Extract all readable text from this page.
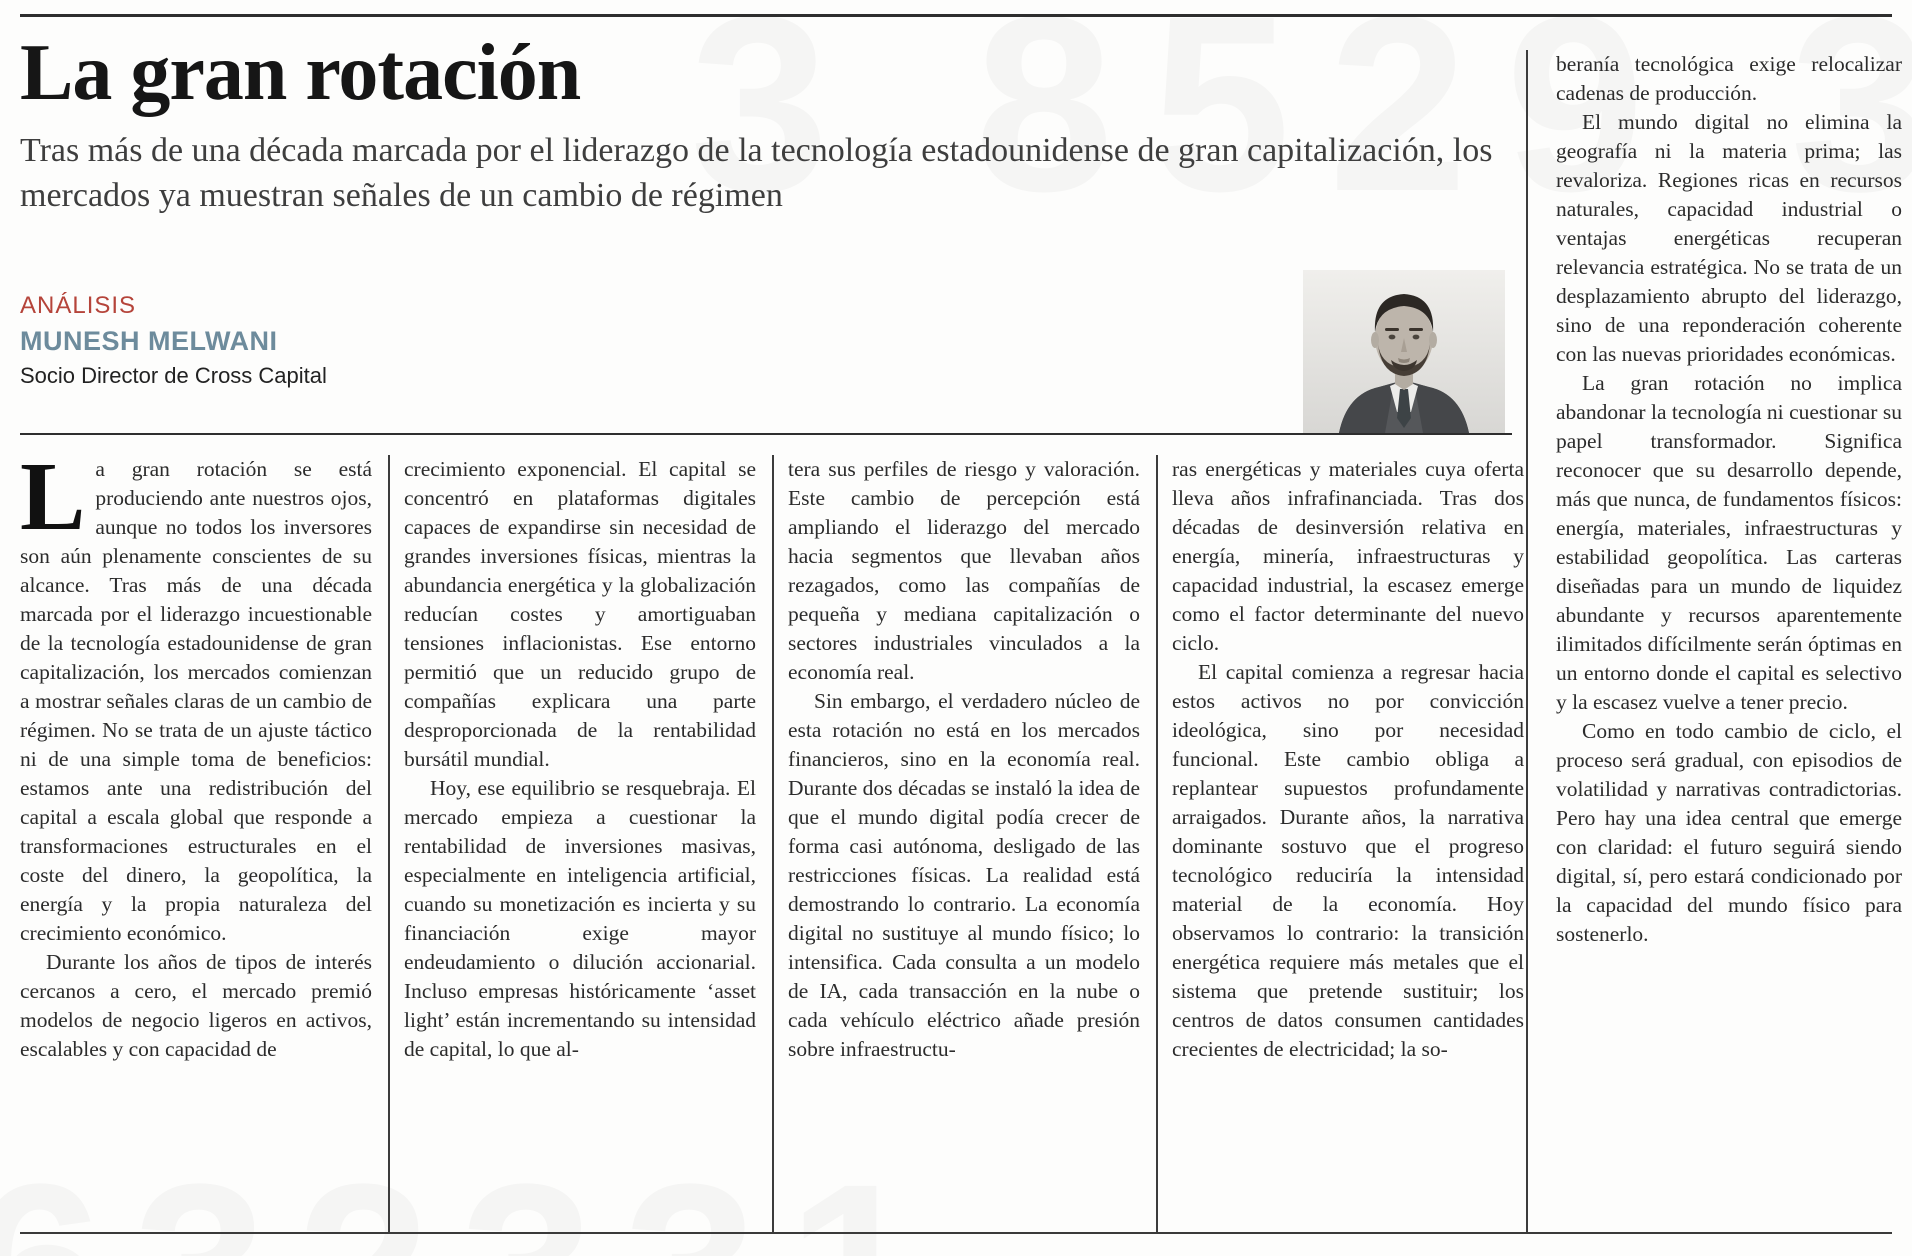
La gran rotación
Tras más de una década marcada por el liderazgo de la tecnología estadounidense de gran capitalización, los mercados ya muestran señales de un cambio de régimen
ANÁLISIS
MUNESH MELWANI
Socio Director de Cross Capital

La gran rotación se está produciendo ante nuestros ojos, aunque no todos los inversores son aún plenamente conscientes de su alcance. Tras más de una década marcada por el liderazgo incuestionable de la tecnología estadounidense de gran capitalización, los mercados comienzan a mostrar señales claras de un cambio de régimen. No se trata de un ajuste táctico ni de una simple toma de beneficios: estamos ante una redistribución del capital a escala global que responde a transformaciones estructurales en el coste del dinero, la geopolítica, la energía y la propia naturaleza del crecimiento económico.

Durante los años de tipos de interés cercanos a cero, el mercado premió modelos de negocio ligeros en activos, escalables y con capacidad de

crecimiento exponencial. El capital se concentró en plataformas digitales capaces de expandirse sin necesidad de grandes inversiones físicas, mientras la abundancia energética y la globalización reducían costes y amortiguaban tensiones inflacionistas. Ese entorno permitió que un reducido grupo de compañías explicara una parte desproporcionada de la rentabilidad bursátil mundial.

Hoy, ese equilibrio se resquebraja. El mercado empieza a cuestionar la rentabilidad de inversiones masivas, especialmente en inteligencia artificial, cuando su monetización es incierta y su financiación exige mayor endeudamiento o dilución accionarial. Incluso empresas históricamente ‘asset light’ están incrementando su intensidad de capital, lo que al-

tera sus perfiles de riesgo y valoración. Este cambio de percepción está ampliando el liderazgo del mercado hacia segmentos que llevaban años rezagados, como las compañías de pequeña y mediana capitalización o sectores industriales vinculados a la economía real.

Sin embargo, el verdadero núcleo de esta rotación no está en los mercados financieros, sino en la economía real. Durante dos décadas se instaló la idea de que el mundo digital podía crecer de forma casi autónoma, desligado de las restricciones físicas. La realidad está demostrando lo contrario. La economía digital no sustituye al mundo físico; lo intensifica. Cada consulta a un modelo de IA, cada transacción en la nube o cada vehículo eléctrico añade presión sobre infraestructu-

ras energéticas y materiales cuya oferta lleva años infrafinanciada. Tras dos décadas de desinversión relativa en energía, minería, infraestructuras y capacidad industrial, la escasez emerge como el factor determinante del nuevo ciclo.

El capital comienza a regresar hacia estos activos no por convicción ideológica, sino por necesidad funcional. Este cambio obliga a replantear supuestos profundamente arraigados. Durante años, la narrativa dominante sostuvo que el progreso tecnológico reduciría la intensidad material de la economía. Hoy observamos lo contrario: la transición energética requiere más metales que el sistema que pretende sustituir; los centros de datos consumen cantidades crecientes de electricidad; la so-

beranía tecnológica exige relocalizar cadenas de producción.

El mundo digital no elimina la geografía ni la materia prima; las revaloriza. Regiones ricas en recursos naturales, capacidad industrial o ventajas energéticas recuperan relevancia estratégica. No se trata de un desplazamiento abrupto del liderazgo, sino de una reponderación coherente con las nuevas prioridades económicas.

La gran rotación no implica abandonar la tecnología ni cuestionar su papel transformador. Significa reconocer que su desarrollo depende, más que nunca, de fundamentos físicos: energía, materiales, infraestructuras y estabilidad geopolítica. Las carteras diseñadas para un mundo de liquidez abundante y recursos aparentemente ilimitados difícilmente serán óptimas en un entorno donde el capital es selectivo y la escasez vuelve a tener precio.

Como en todo cambio de ciclo, el proceso será gradual, con episodios de volatilidad y narrativas contradictorias. Pero hay una idea central que emerge con claridad: el futuro seguirá siendo digital, sí, pero estará condicionado por la capacidad del mundo físico para sostenerlo.
